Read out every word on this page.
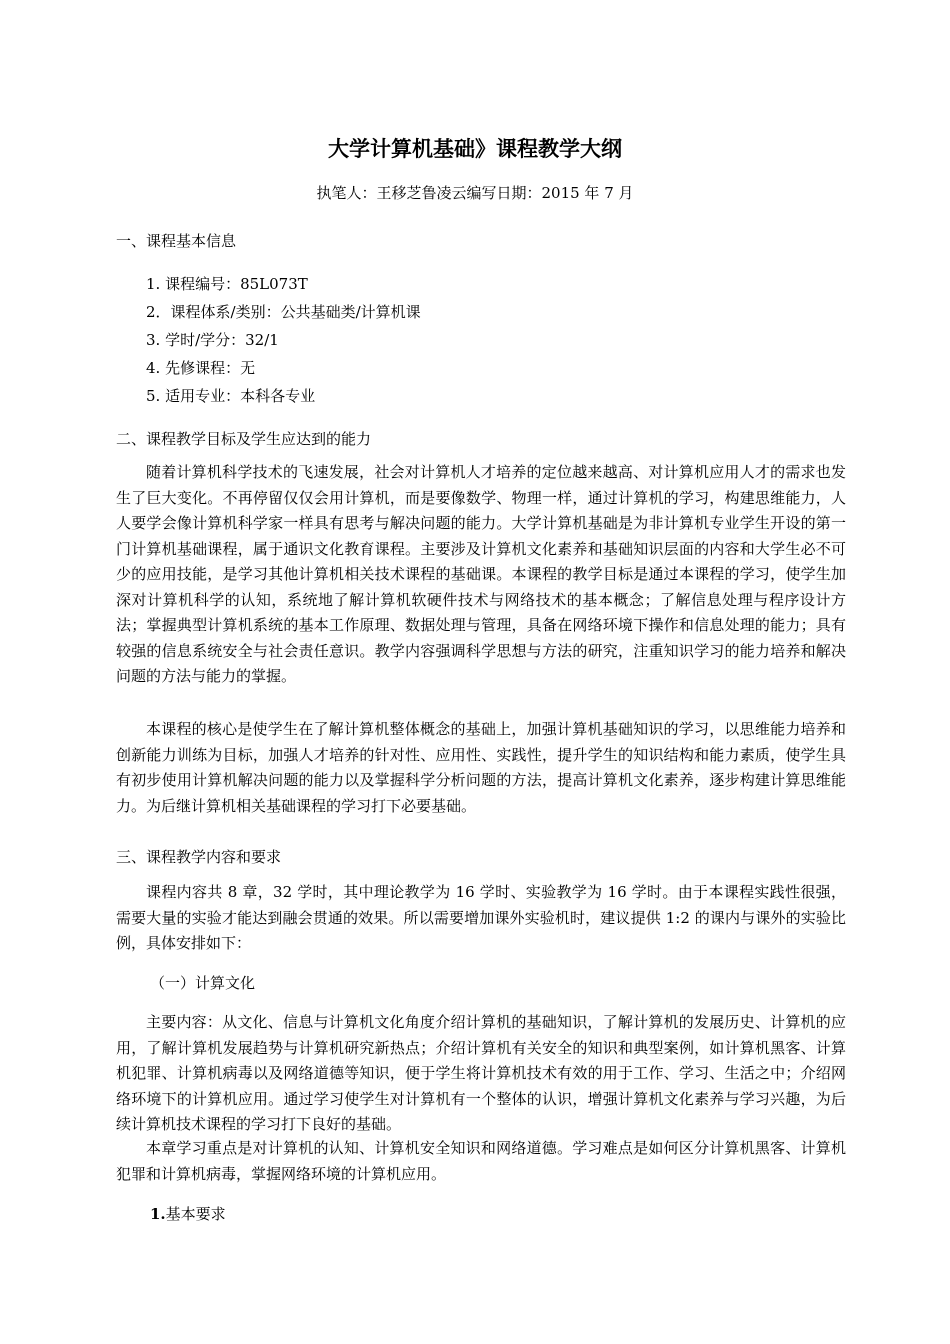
大学计算机基础》课程教学大纲

执笔人：王移芝鲁凌云编写日期：2015 年 7 月

一、课程基本信息

1. 课程编号：85L073T
2．课程体系/类别：公共基础类/计算机课
3. 学时/学分：32/1
4. 先修课程：无
5. 适用专业：本科各专业

二、课程教学目标及学生应达到的能力

随着计算机科学技术的飞速发展，社会对计算机人才培养的定位越来越高、对计算机应用人才的需求也发生了巨大变化。不再停留仅仅会用计算机，而是要像数学、物理一样，通过计算机的学习，构建思维能力，人人要学会像计算机科学家一样具有思考与解决问题的能力。大学计算机基础是为非计算机专业学生开设的第一门计算机基础课程，属于通识文化教育课程。主要涉及计算机文化素养和基础知识层面的内容和大学生必不可少的应用技能，是学习其他计算机相关技术课程的基础课。本课程的教学目标是通过本课程的学习，使学生加深对计算机科学的认知，系统地了解计算机软硬件技术与网络技术的基本概念；了解信息处理与程序设计方法；掌握典型计算机系统的基本工作原理、数据处理与管理，具备在网络环境下操作和信息处理的能力；具有较强的信息系统安全与社会责任意识。教学内容强调科学思想与方法的研究，注重知识学习的能力培养和解决问题的方法与能力的掌握。

本课程的核心是使学生在了解计算机整体概念的基础上，加强计算机基础知识的学习，以思维能力培养和创新能力训练为目标，加强人才培养的针对性、应用性、实践性，提升学生的知识结构和能力素质，使学生具有初步使用计算机解决问题的能力以及掌握科学分析问题的方法，提高计算机文化素养，逐步构建计算思维能力。为后继计算机相关基础课程的学习打下必要基础。

三、课程教学内容和要求

课程内容共 8 章，32 学时，其中理论教学为 16 学时、实验教学为 16 学时。由于本课程实践性很强，需要大量的实验才能达到融会贯通的效果。所以需要增加课外实验机时，建议提供 1:2 的课内与课外的实验比例，具体安排如下：

（一）计算文化

主要内容：从文化、信息与计算机文化角度介绍计算机的基础知识，了解计算机的发展历史、计算机的应用，了解计算机发展趋势与计算机研究新热点；介绍计算机有关安全的知识和典型案例，如计算机黑客、计算机犯罪、计算机病毒以及网络道德等知识，便于学生将计算机技术有效的用于工作、学习、生活之中；介绍网络环境下的计算机应用。通过学习使学生对计算机有一个整体的认识，增强计算机文化素养与学习兴趣，为后续计算机技术课程的学习打下良好的基础。

本章学习重点是对计算机的认知、计算机安全知识和网络道德。学习难点是如何区分计算机黑客、计算机犯罪和计算机病毒，掌握网络环境的计算机应用。

1.基本要求
